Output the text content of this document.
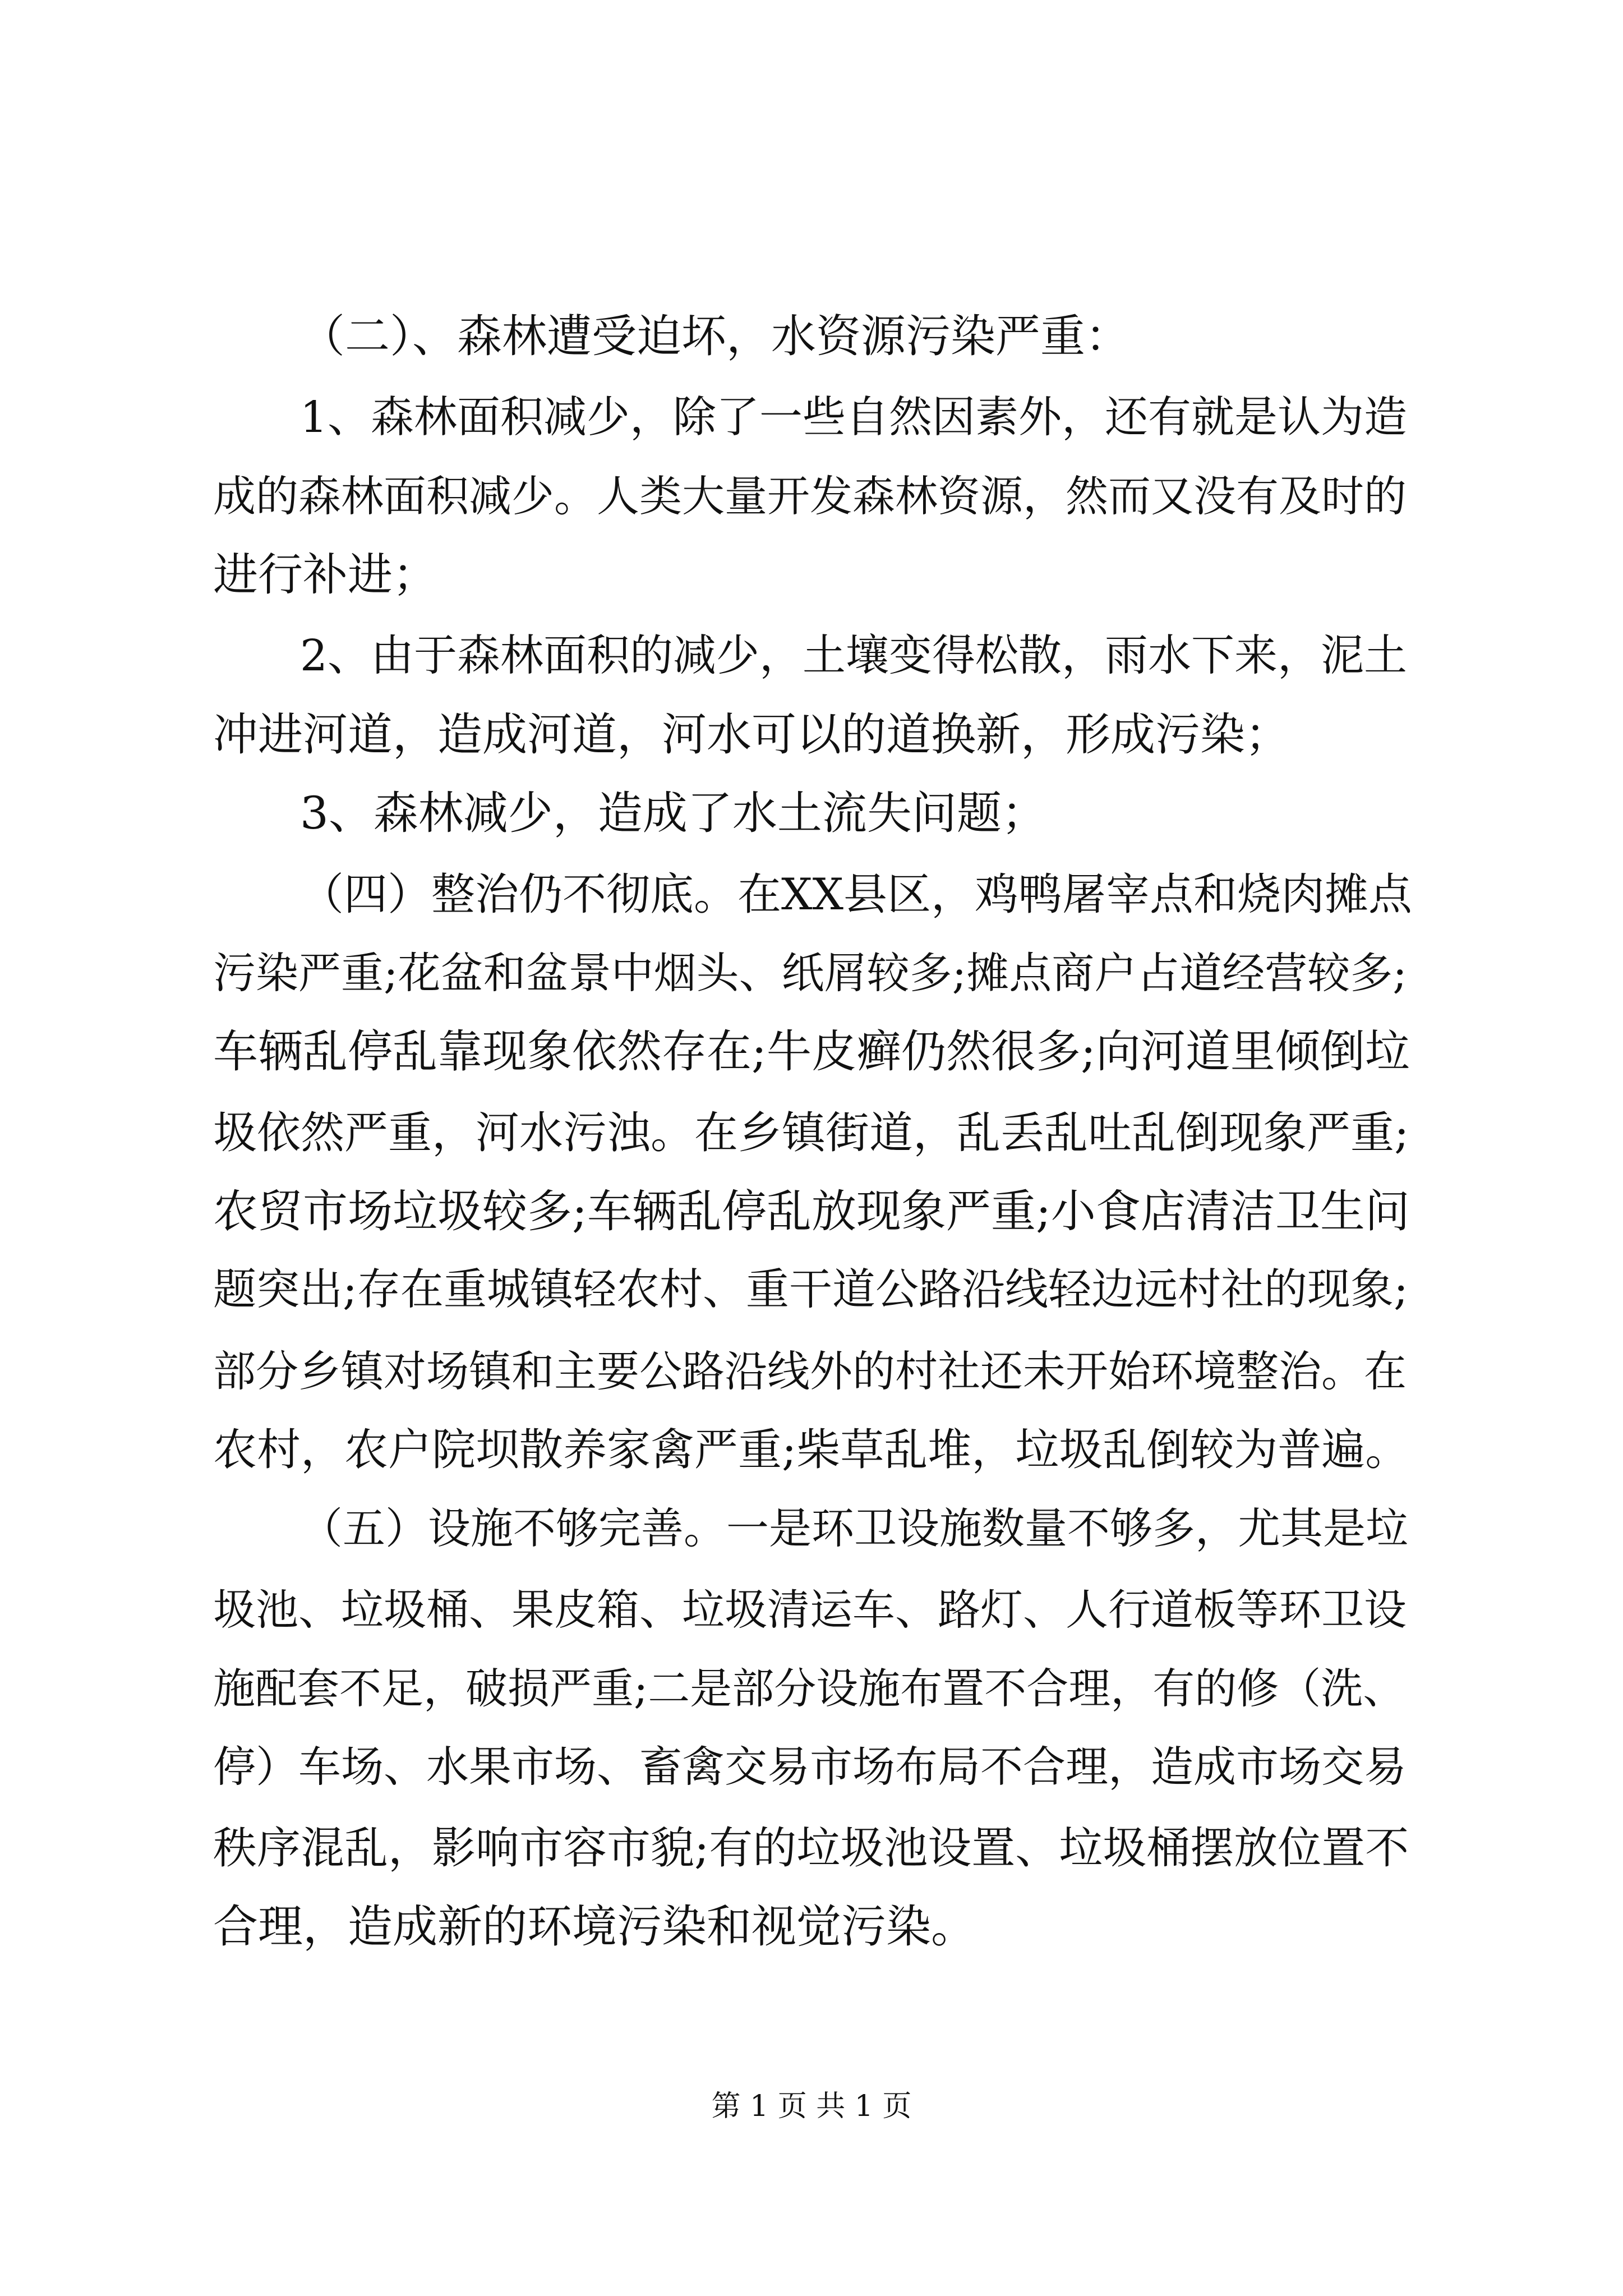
（二）、森林遭受迫坏，水资源污染严重：
1、森林面积减少，除了一些自然因素外，还有就是认为造
成的森林面积减少。人类大量开发森林资源，然而又没有及时的
进行补进；
2、由于森林面积的减少，土壤变得松散，雨水下来，泥土
冲进河道，造成河道，河水可以的道换新，形成污染；
3、森林减少，造成了水土流失问题；
（四）整治仍不彻底。在XX县区，鸡鸭屠宰点和烧肉摊点
污染严重;花盆和盆景中烟头、纸屑较多;摊点商户占道经营较多;
车辆乱停乱靠现象依然存在;牛皮癣仍然很多;向河道里倾倒垃
圾依然严重，河水污浊。在乡镇街道，乱丢乱吐乱倒现象严重;
农贸市场垃圾较多;车辆乱停乱放现象严重;小食店清洁卫生问
题突出;存在重城镇轻农村、重干道公路沿线轻边远村社的现象;
部分乡镇对场镇和主要公路沿线外的村社还未开始环境整治。在
农村，农户院坝散养家禽严重;柴草乱堆，垃圾乱倒较为普遍。
（五）设施不够完善。一是环卫设施数量不够多，尤其是垃
圾池、垃圾桶、果皮箱、垃圾清运车、路灯、人行道板等环卫设
施配套不足，破损严重;二是部分设施布置不合理，有的修（洗、
停）车场、水果市场、畜禽交易市场布局不合理，造成市场交易
秩序混乱，影响市容市貌;有的垃圾池设置、垃圾桶摆放位置不
合理，造成新的环境污染和视觉污染。
第 1 页 共 1 页
